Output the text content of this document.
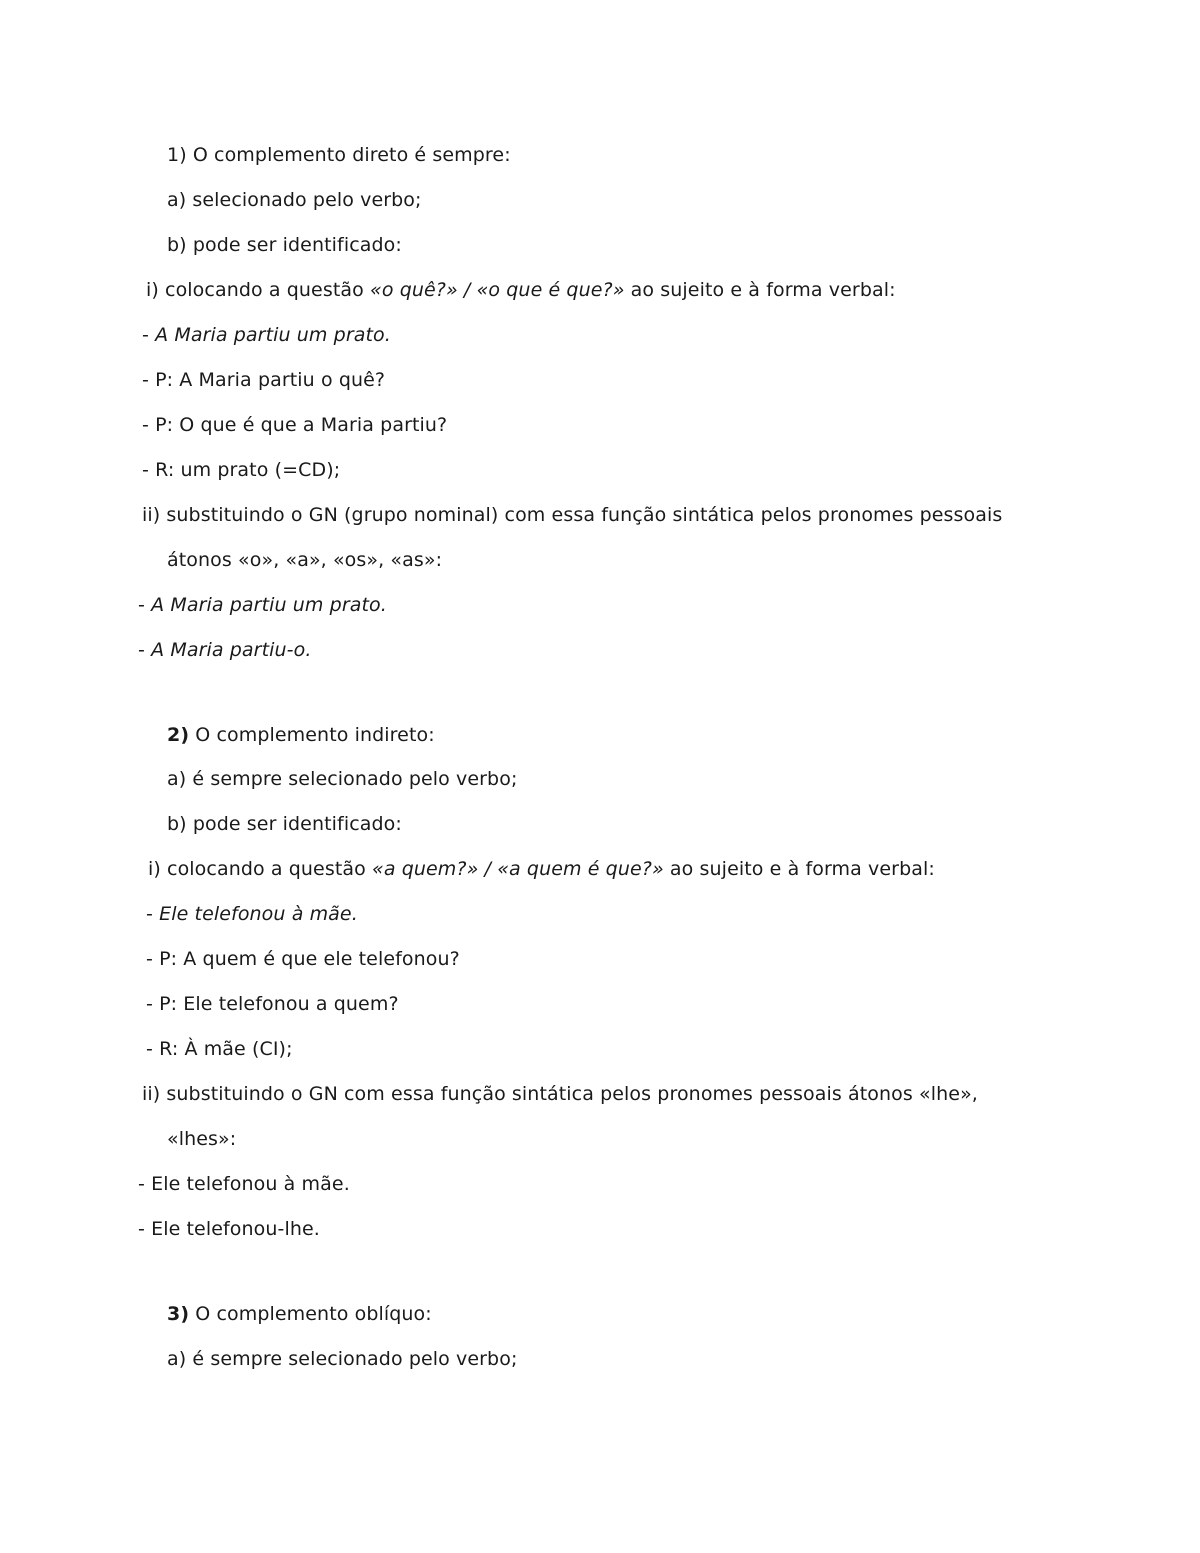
1) O complemento direto é sempre:
a) selecionado pelo verbo;
b) pode ser identificado:
i) colocando a questão «o quê?» / «o que é que?» ao sujeito e à forma verbal:
- A Maria partiu um prato.
- P: A Maria partiu o quê?
- P: O que é que a Maria partiu?
- R: um prato (=CD);
ii) substituindo o GN (grupo nominal) com essa função sintática pelos pronomes pessoais
átonos «o», «a», «os», «as»:
- A Maria partiu um prato.
- A Maria partiu-o.
2) O complemento indireto:
a) é sempre selecionado pelo verbo;
b) pode ser identificado:
i) colocando a questão «a quem?» / «a quem é que?» ao sujeito e à forma verbal:
- Ele telefonou à mãe.
- P: A quem é que ele telefonou?
- P: Ele telefonou a quem?
- R: À mãe (CI);
ii) substituindo o GN com essa função sintática pelos pronomes pessoais átonos «lhe»,
«lhes»:
- Ele telefonou à mãe.
- Ele telefonou-lhe.
3) O complemento oblíquo:
a) é sempre selecionado pelo verbo;
